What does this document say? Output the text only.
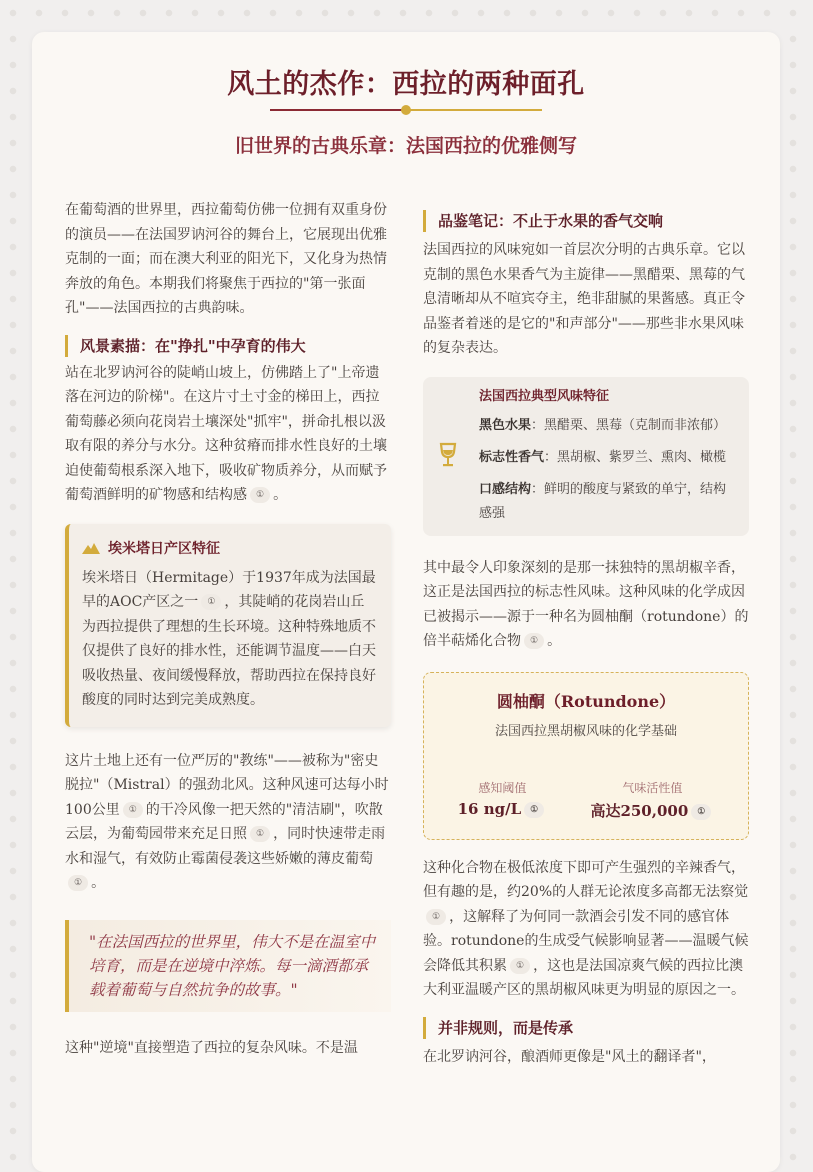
风土的杰作：西拉的两种面孔
旧世界的古典乐章：法国西拉的优雅侧写

在葡萄酒的世界里，西拉葡萄仿佛一位拥有双重身份的演员——在法国罗讷河谷的舞台上，它展现出优雅克制的一面；而在澳大利亚的阳光下，又化身为热情奔放的角色。本期我们将聚焦于西拉的"第一张面孔"——法国西拉的古典韵味。

风景素描：在"挣扎"中孕育的伟大

站在北罗讷河谷的陡峭山坡上，仿佛踏上了"上帝遗落在河边的阶梯"。在这片寸土寸金的梯田上，西拉葡萄藤必须向花岗岩土壤深处"抓牢"，拼命扎根以汲取有限的养分与水分。这种贫瘠而排水性良好的土壤迫使葡萄根系深入地下，吸收矿物质养分，从而赋予葡萄酒鲜明的矿物感和结构感 ① 。

埃米塔日产区特征

埃米塔日（Hermitage）于1937年成为法国最早的AOC产区之一 ① ，其陡峭的花岗岩山丘为西拉提供了理想的生长环境。这种特殊地质不仅提供了良好的排水性，还能调节温度——白天吸收热量、夜间缓慢释放，帮助西拉在保持良好酸度的同时达到完美成熟度。

这片土地上还有一位严厉的"教练"——被称为"密史脱拉"（Mistral）的强劲北风。这种风速可达每小时100公里 ① 的干冷风像一把天然的"清洁刷"，吹散云层，为葡萄园带来充足日照 ① ，同时快速带走雨水和湿气，有效防止霉菌侵袭这些娇嫩的薄皮葡萄① 。

"在法国西拉的世界里，伟大不是在温室中培育，而是在逆境中淬炼。每一滴酒都承载着葡萄与自然抗争的故事。"

这种"逆境"直接塑造了西拉的复杂风味。不是温

品鉴笔记：不止于水果的香气交响

法国西拉的风味宛如一首层次分明的古典乐章。它以克制的黑色水果香气为主旋律——黑醋栗、黑莓的气息清晰却从不喧宾夺主，绝非甜腻的果酱感。真正令品鉴者着迷的是它的"和声部分"——那些非水果风味的复杂表达。

法国西拉典型风味特征

黑色水果：黑醋栗、黑莓（克制而非浓郁）

标志性香气：黑胡椒、紫罗兰、熏肉、橄榄

口感结构：鲜明的酸度与紧致的单宁，结构感强

其中最令人印象深刻的是那一抹独特的黑胡椒辛香，这正是法国西拉的标志性风味。这种风味的化学成因已被揭示——源于一种名为圆柚酮（rotundone）的倍半萜烯化合物 ① 。

圆柚酮（Rotundone）

法国西拉黑胡椒风味的化学基础

感知阈值
16 ng/L ①
气味活性值
高达250,000 ①

这种化合物在极低浓度下即可产生强烈的辛辣香气，但有趣的是，约20%的人群无论浓度多高都无法察觉① ，这解释了为何同一款酒会引发不同的感官体验。rotundone的生成受气候影响显著——温暖气候会降低其积累 ① ，这也是法国凉爽气候的西拉比澳大利亚温暖产区的黑胡椒风味更为明显的原因之一。

并非规则，而是传承

在北罗讷河谷，酿酒师更像是"风土的翻译者"，
